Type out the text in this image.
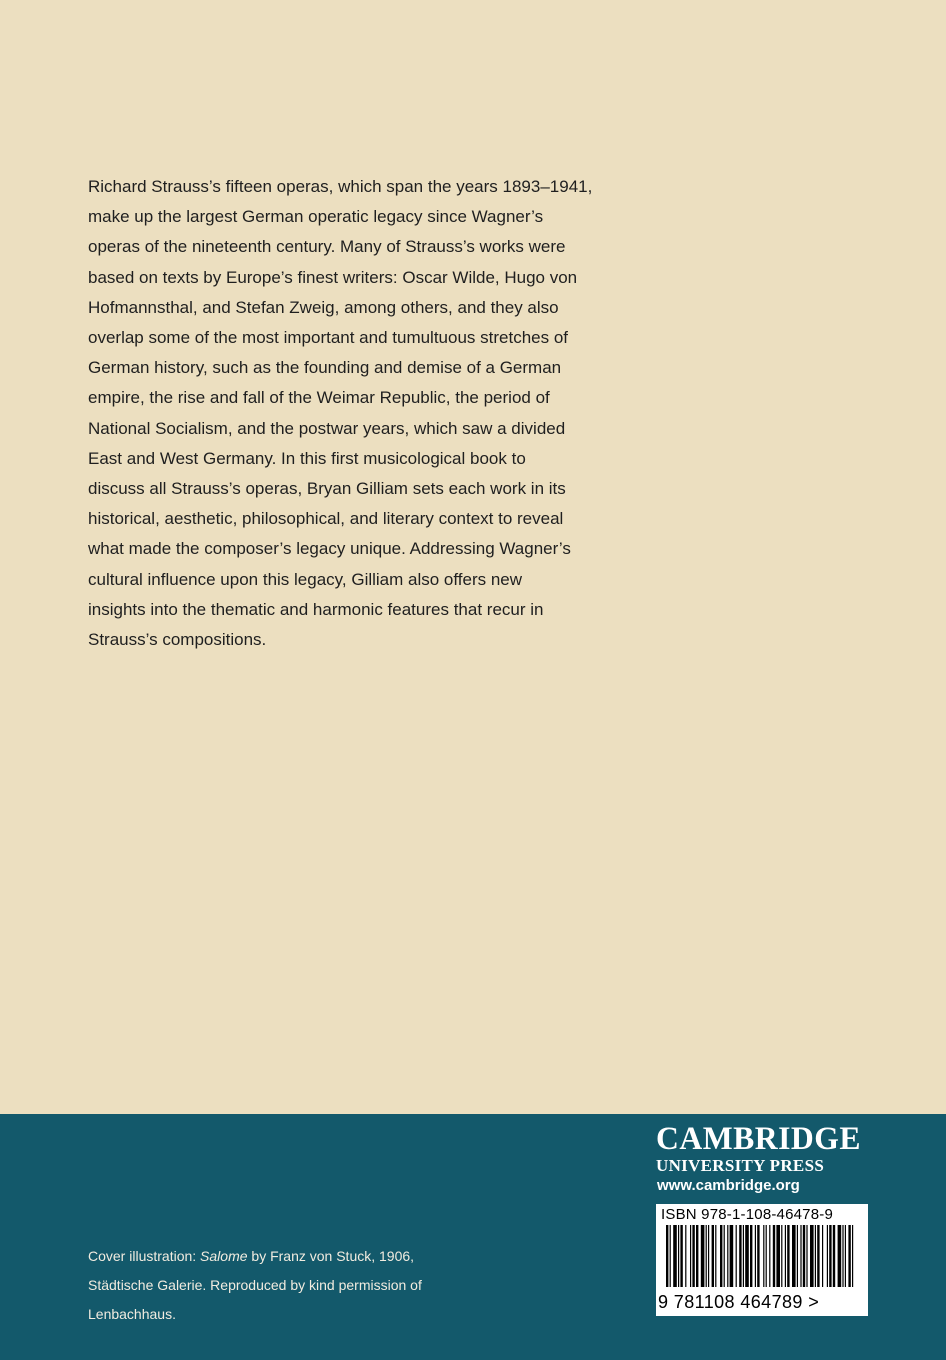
Richard Strauss’s fifteen operas, which span the years 1893–1941,
make up the largest German operatic legacy since Wagner’s
operas of the nineteenth century. Many of Strauss’s works were
based on texts by Europe’s finest writers: Oscar Wilde, Hugo von
Hofmannsthal, and Stefan Zweig, among others, and they also
overlap some of the most important and tumultuous stretches of
German history, such as the founding and demise of a German
empire, the rise and fall of the Weimar Republic, the period of
National Socialism, and the postwar years, which saw a divided
East and West Germany. In this first musicological book to
discuss all Strauss’s operas, Bryan Gilliam sets each work in its
historical, aesthetic, philosophical, and literary context to reveal
what made the composer’s legacy unique. Addressing Wagner’s
cultural influence upon this legacy, Gilliam also offers new
insights into the thematic and harmonic features that recur in
Strauss’s compositions.

Cover illustration: Salome by Franz von Stuck, 1906,
Städtische Galerie. Reproduced by kind permission of
Lenbachhaus.
CAMBRIDGE
UNIVERSITY PRESS
www.cambridge.org
ISBN 978-1-108-46478-9
9 781108 464789 >
